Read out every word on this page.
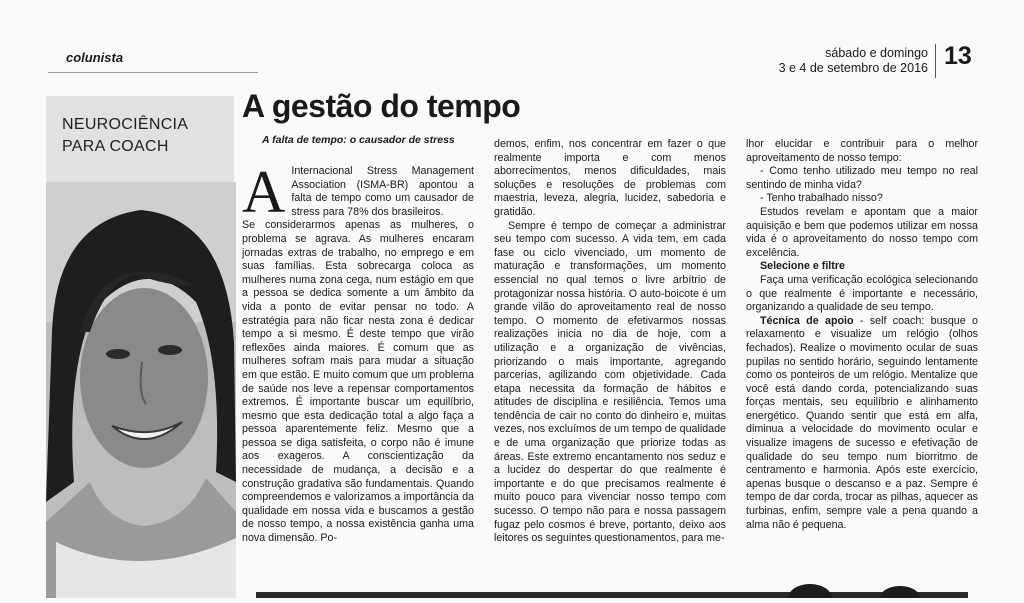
colunista	sábado e domingo
3 e 4 de setembro de 2016 13
NEUROCIÊNCIA
PARA COACH
A gestão do tempo
A falta de tempo: o causador de stress

A Internacional Stress Management Association (ISMA-BR) apontou a falta de tempo como um causador de stress para 78% dos brasileiros.

Se considerarmos apenas as mulheres, o problema se agrava. As mulheres encaram jornadas extras de trabalho, no emprego e em suas famílias. Esta sobrecarga coloca as mulheres numa zona cega, num estágio em que a pessoa se dedica somente a um âmbito da vida a ponto de evitar pensar no todo. A estratégia para não ficar nesta zona é dedicar tempo a si mesmo. É deste tempo que virão reflexões ainda maiores. É comum que as mulheres sofram mais para mudar a situação em que estão. E muito comum que um problema de saúde nos leve a repensar comportamentos extremos. É importante buscar um equilíbrio, mesmo que esta dedicação total a algo faça a pessoa aparentemente feliz. Mesmo que a pessoa se diga satisfeita, o corpo não é imune aos exageros. A conscientização da necessidade de mudança, a decisão e a construção gradativa são fundamentais. Quando compreendemos e valorizamos a importância da qualidade em nossa vida e buscamos a gestão de nosso tempo, a nossa existência ganha uma nova dimensão. Po-

demos, enfim, nos concentrar em fazer o que realmente importa e com menos aborrecimentos, menos dificuldades, mais soluções e resoluções de problemas com maestria, leveza, alegria, lucidez, sabedoria e gratidão.

Sempre é tempo de começar a administrar seu tempo com sucesso. A vida tem, em cada fase ou ciclo vivenciado, um momento de maturação e transformações, um momento essencial no qual temos o livre arbítrio de protagonizar nossa história. O auto-boicote é um grande vilão do aproveitamento real de nosso tempo. O momento de efetivarmos nossas realizações inicia no dia de hoje, com a utilização e a organização de vivências, priorizando o mais importante, agregando parcerias, agilizando com objetividade. Cada etapa necessita da formação de hábitos e atitudes de disciplina e resiliência. Temos uma tendência de cair no conto do dinheiro e, muitas vezes, nos excluímos de um tempo de qualidade e de uma organização que priorize todas as áreas. Este extremo encantamento nos seduz e a lucidez do despertar do que realmente é importante e do que precisamos realmente é muito pouco para vivenciar nosso tempo com sucesso. O tempo não para e nossa passagem fugaz pelo cosmos é breve, portanto, deixo aos leitores os seguintes questionamentos, para me-

lhor elucidar e contribuir para o melhor aproveitamento de nosso tempo:

- Como tenho utilizado meu tempo no real sentindo de minha vida?

- Tenho trabalhado nisso?

Estudos revelam e apontam que a maior aquisição e bem que podemos utilizar em nossa vida é o aproveitamento do nosso tempo com excelência.

Selecione e filtre

Faça uma verificação ecológica selecionando o que realmente é importante e necessário, organizando a qualidade de seu tempo.

Técnica de apoio - self coach: busque o relaxamento e visualize um relógio (olhos fechados). Realize o movimento ocular de suas pupilas no sentido horário, seguindo lentamente como os ponteiros de um relógio. Mentalize que você está dando corda, potencializando suas forças mentais, seu equilíbrio e alinhamento energético. Quando sentir que está em alfa, diminua a velocidade do movimento ocular e visualize imagens de sucesso e efetivação de qualidade do seu tempo num biorritmo de centramento e harmonia. Após este exercício, apenas busque o descanso e a paz. Sempre é tempo de dar corda, trocar as pilhas, aquecer as turbinas, enfim, sempre vale a pena quando a alma não é pequena.
